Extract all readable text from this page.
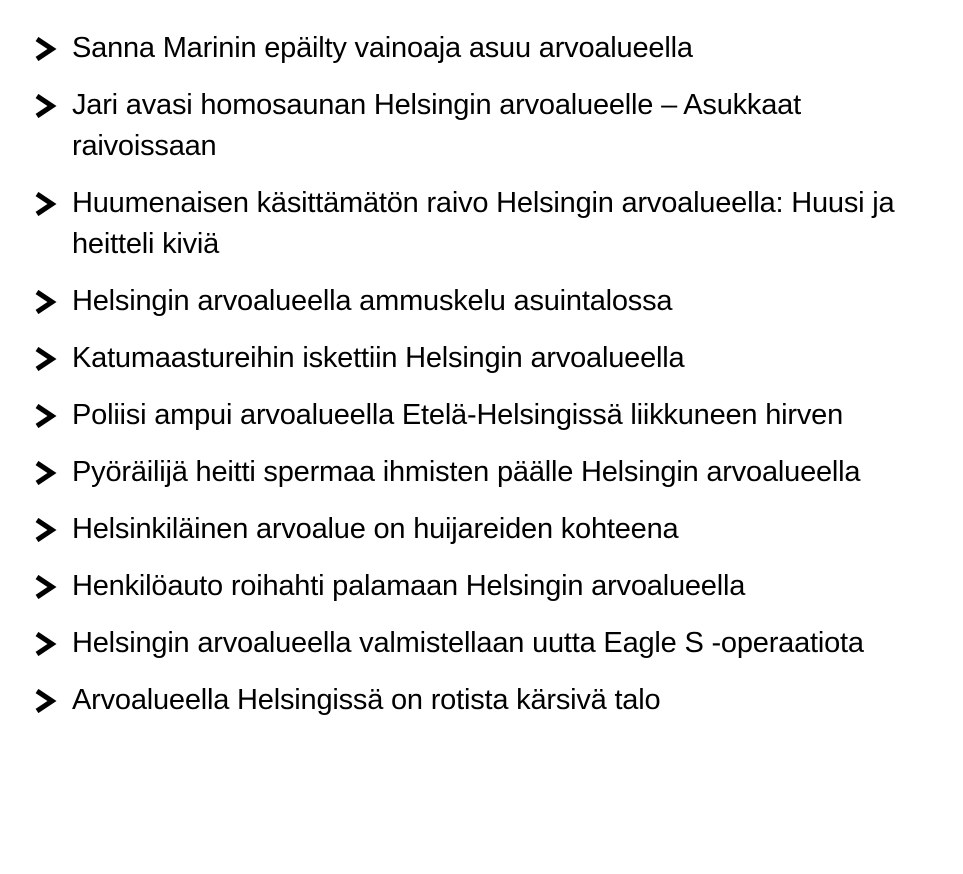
Sanna Marinin epäilty vainoaja asuu arvoalueella
Jari avasi homosaunan Helsingin arvoalueelle – Asukkaat raivoissaan
Huumenaisen käsittämätön raivo Helsingin arvoalueella: Huusi ja heitteli kiviä
Helsingin arvoalueella ammuskelu asuintalossa
Katumaastureihin iskettiin Helsingin arvoalueella
Poliisi ampui arvoalueella Etelä-Helsingissä liikkuneen hirven
Pyöräilijä heitti spermaa ihmisten päälle Helsingin arvoalueella
Helsinkiläinen arvoalue on huijareiden kohteena
Henkilöauto roihahti palamaan Helsingin arvoalueella
Helsingin arvoalueella valmistellaan uutta Eagle S -operaatiota
Arvoalueella Helsingissä on rotista kärsivä talo
